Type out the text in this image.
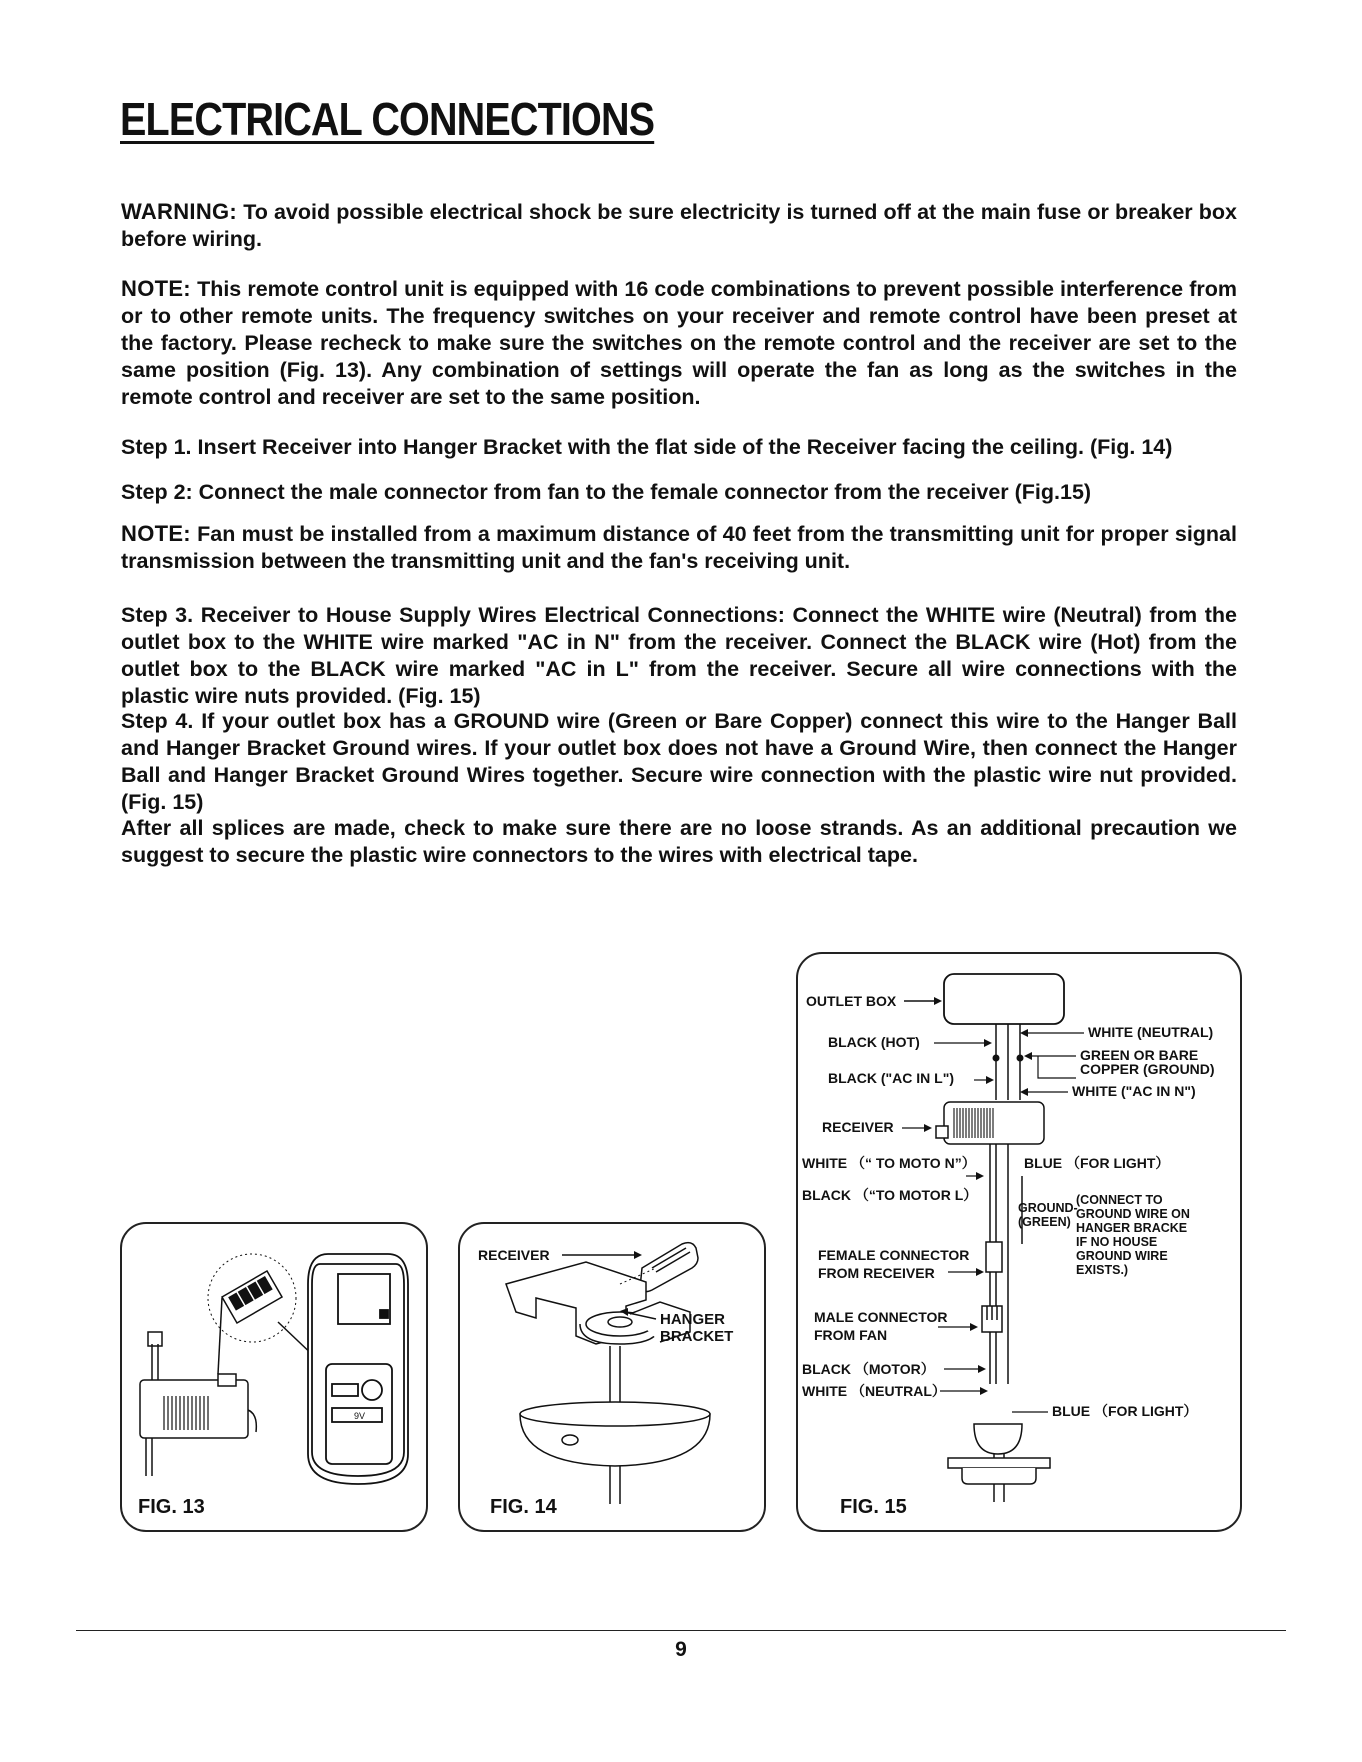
ELECTRICAL CONNECTIONS

WARNING: To avoid possible electrical shock be sure electricity is turned off at the main fuse or breaker box before wiring.

NOTE: This remote control unit is equipped with 16 code combinations to prevent possible interference from or to other remote units. The frequency switches on your receiver and remote control have been preset at the factory. Please recheck to make sure the switches on the remote control and the receiver are set to the same position (Fig. 13). Any combination of settings will operate the fan as long as the switches in the remote control and receiver are set to the same position.

Step 1. Insert Receiver into Hanger Bracket with the flat side of the Receiver facing the ceiling. (Fig. 14)

Step 2: Connect the male connector from fan to the female connector from the receiver (Fig.15)

NOTE: Fan must be installed from a maximum distance of 40 feet from the transmitting unit for proper signal transmission between the transmitting unit and the fan's receiving unit.

Step 3. Receiver to House Supply Wires Electrical Connections: Connect the WHITE wire (Neutral) from the outlet box to the WHITE wire marked "AC in N" from the receiver. Connect the BLACK wire (Hot) from the outlet box to the BLACK wire marked "AC in L" from the receiver. Secure all wire connections with the plastic wire nuts provided. (Fig. 15)

Step 4. If your outlet box has a GROUND wire (Green or Bare Copper) connect this wire to the Hanger Ball and Hanger Bracket Ground wires. If your outlet box does not have a Ground Wire, then connect the Hanger Ball and Hanger Bracket Ground Wires together. Secure wire connection with the plastic wire nut provided. (Fig. 15)

After all splices are made, check to make sure there are no loose strands. As an additional precaution we suggest to secure the plastic wire connectors to the wires with electrical tape.

9V
FIG. 13
RECEIVER
HANGER
BRACKET
FIG. 14
OUTLET BOX
BLACK (HOT)
BLACK ("AC IN L")
WHITE (NEUTRAL)
GREEN OR BARE
COPPER (GROUND)
WHITE ("AC IN N")
RECEIVER
WHITE （“ TO MOTO N”）	BLUE （FOR LIGHT）
BLACK （“TO MOTOR L）
GROUND-
(GREEN)
(CONNECT TO
GROUND WIRE ON
HANGER BRACKE
IF NO HOUSE
GROUND WIRE
EXISTS.)
FEMALE CONNECTOR
FROM RECEIVER
MALE CONNECTOR
FROM FAN
BLACK （MOTOR）
WHITE （NEUTRAL）
BLUE （FOR LIGHT）
FIG. 15
9
